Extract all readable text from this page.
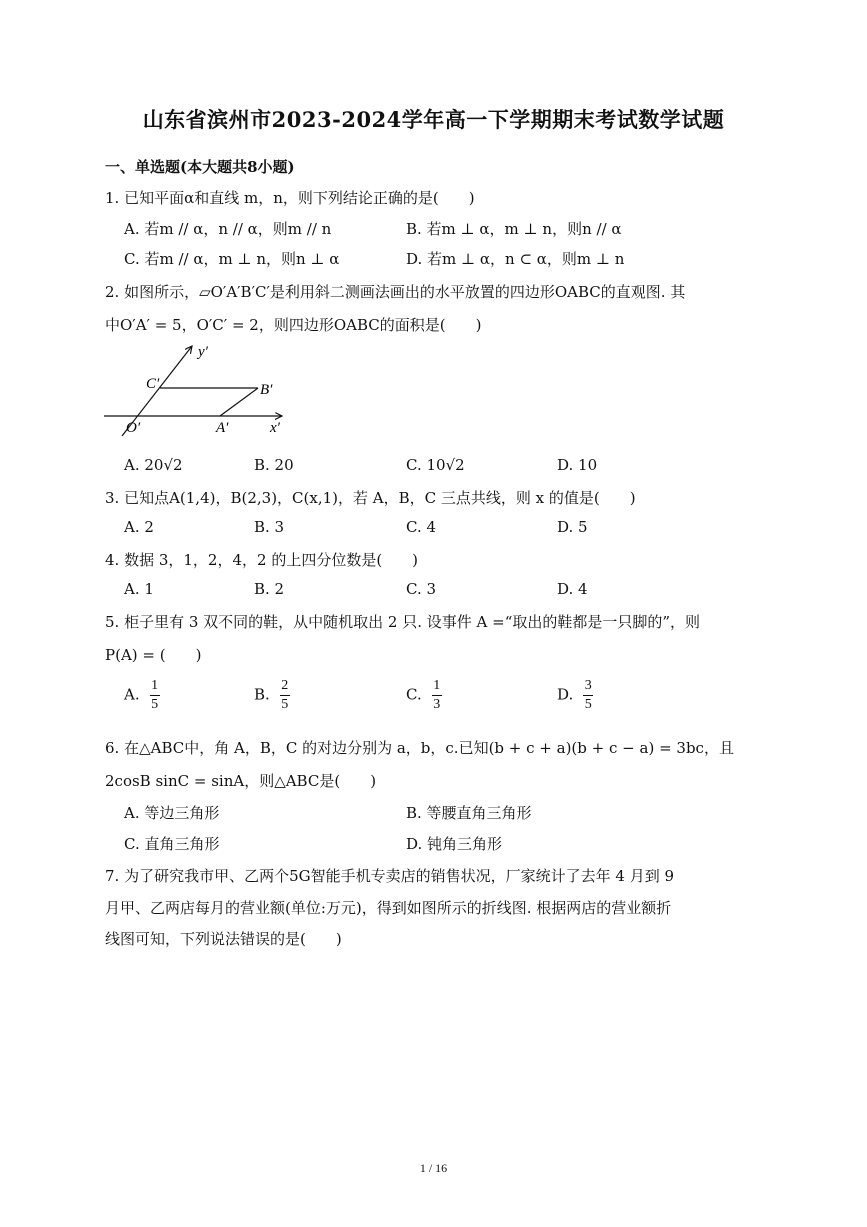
山东省滨州市2023-2024学年高一下学期期末考试数学试题
一、单选题(本大题共8小题)
1. 已知平面α和直线 m，n，则下列结论正确的是(　　)
A. 若m // α，n // α，则m // n	B. 若m ⊥ α，m ⊥ n，则n // α
C. 若m // α，m ⊥ n，则n ⊥ α	D. 若m ⊥ α，n ⊂ α，则m ⊥ n
2. 如图所示，▱O′A′B′C′是利用斜二测画法画出的水平放置的四边形OABC的直观图. 其
中O′A′ = 5，O′C′ = 2，则四边形OABC的面积是(　　)
y′
C′	B′
O′	A′	x′
A. 20√2	B. 20	C. 10√2	D. 10
3. 已知点A(1,4)，B(2,3)，C(x,1)，若 A，B，C 三点共线，则 x 的值是(　　)
A. 2	B. 3	C. 4	D. 5
4. 数据 3，1，2，4，2 的上四分位数是(　　)
A. 1	B. 2	C. 3	D. 4
5. 柜子里有 3 双不同的鞋，从中随机取出 2 只. 设事件 A =“取出的鞋都是一只脚的”，则
P(A) = (　　)
A. $\frac{1}{5}$	B. $\frac{2}{5}$	C. $\frac{1}{3}$	D. $\frac{3}{5}$
6. 在△ABC中，角 A，B，C 的对边分别为 a，b，c.已知(b + c + a)(b + c − a) = 3bc，且
2cosB sinC = sinA，则△ABC是(　　)
A. 等边三角形	B. 等腰直角三角形
C. 直角三角形	D. 钝角三角形
7. 为了研究我市甲、乙两个5G智能手机专卖店的销售状况，厂家统计了去年 4 月到 9
月甲、乙两店每月的营业额(单位:万元)，得到如图所示的折线图. 根据两店的营业额折
线图可知，下列说法错误的是(　　)
1 / 16
